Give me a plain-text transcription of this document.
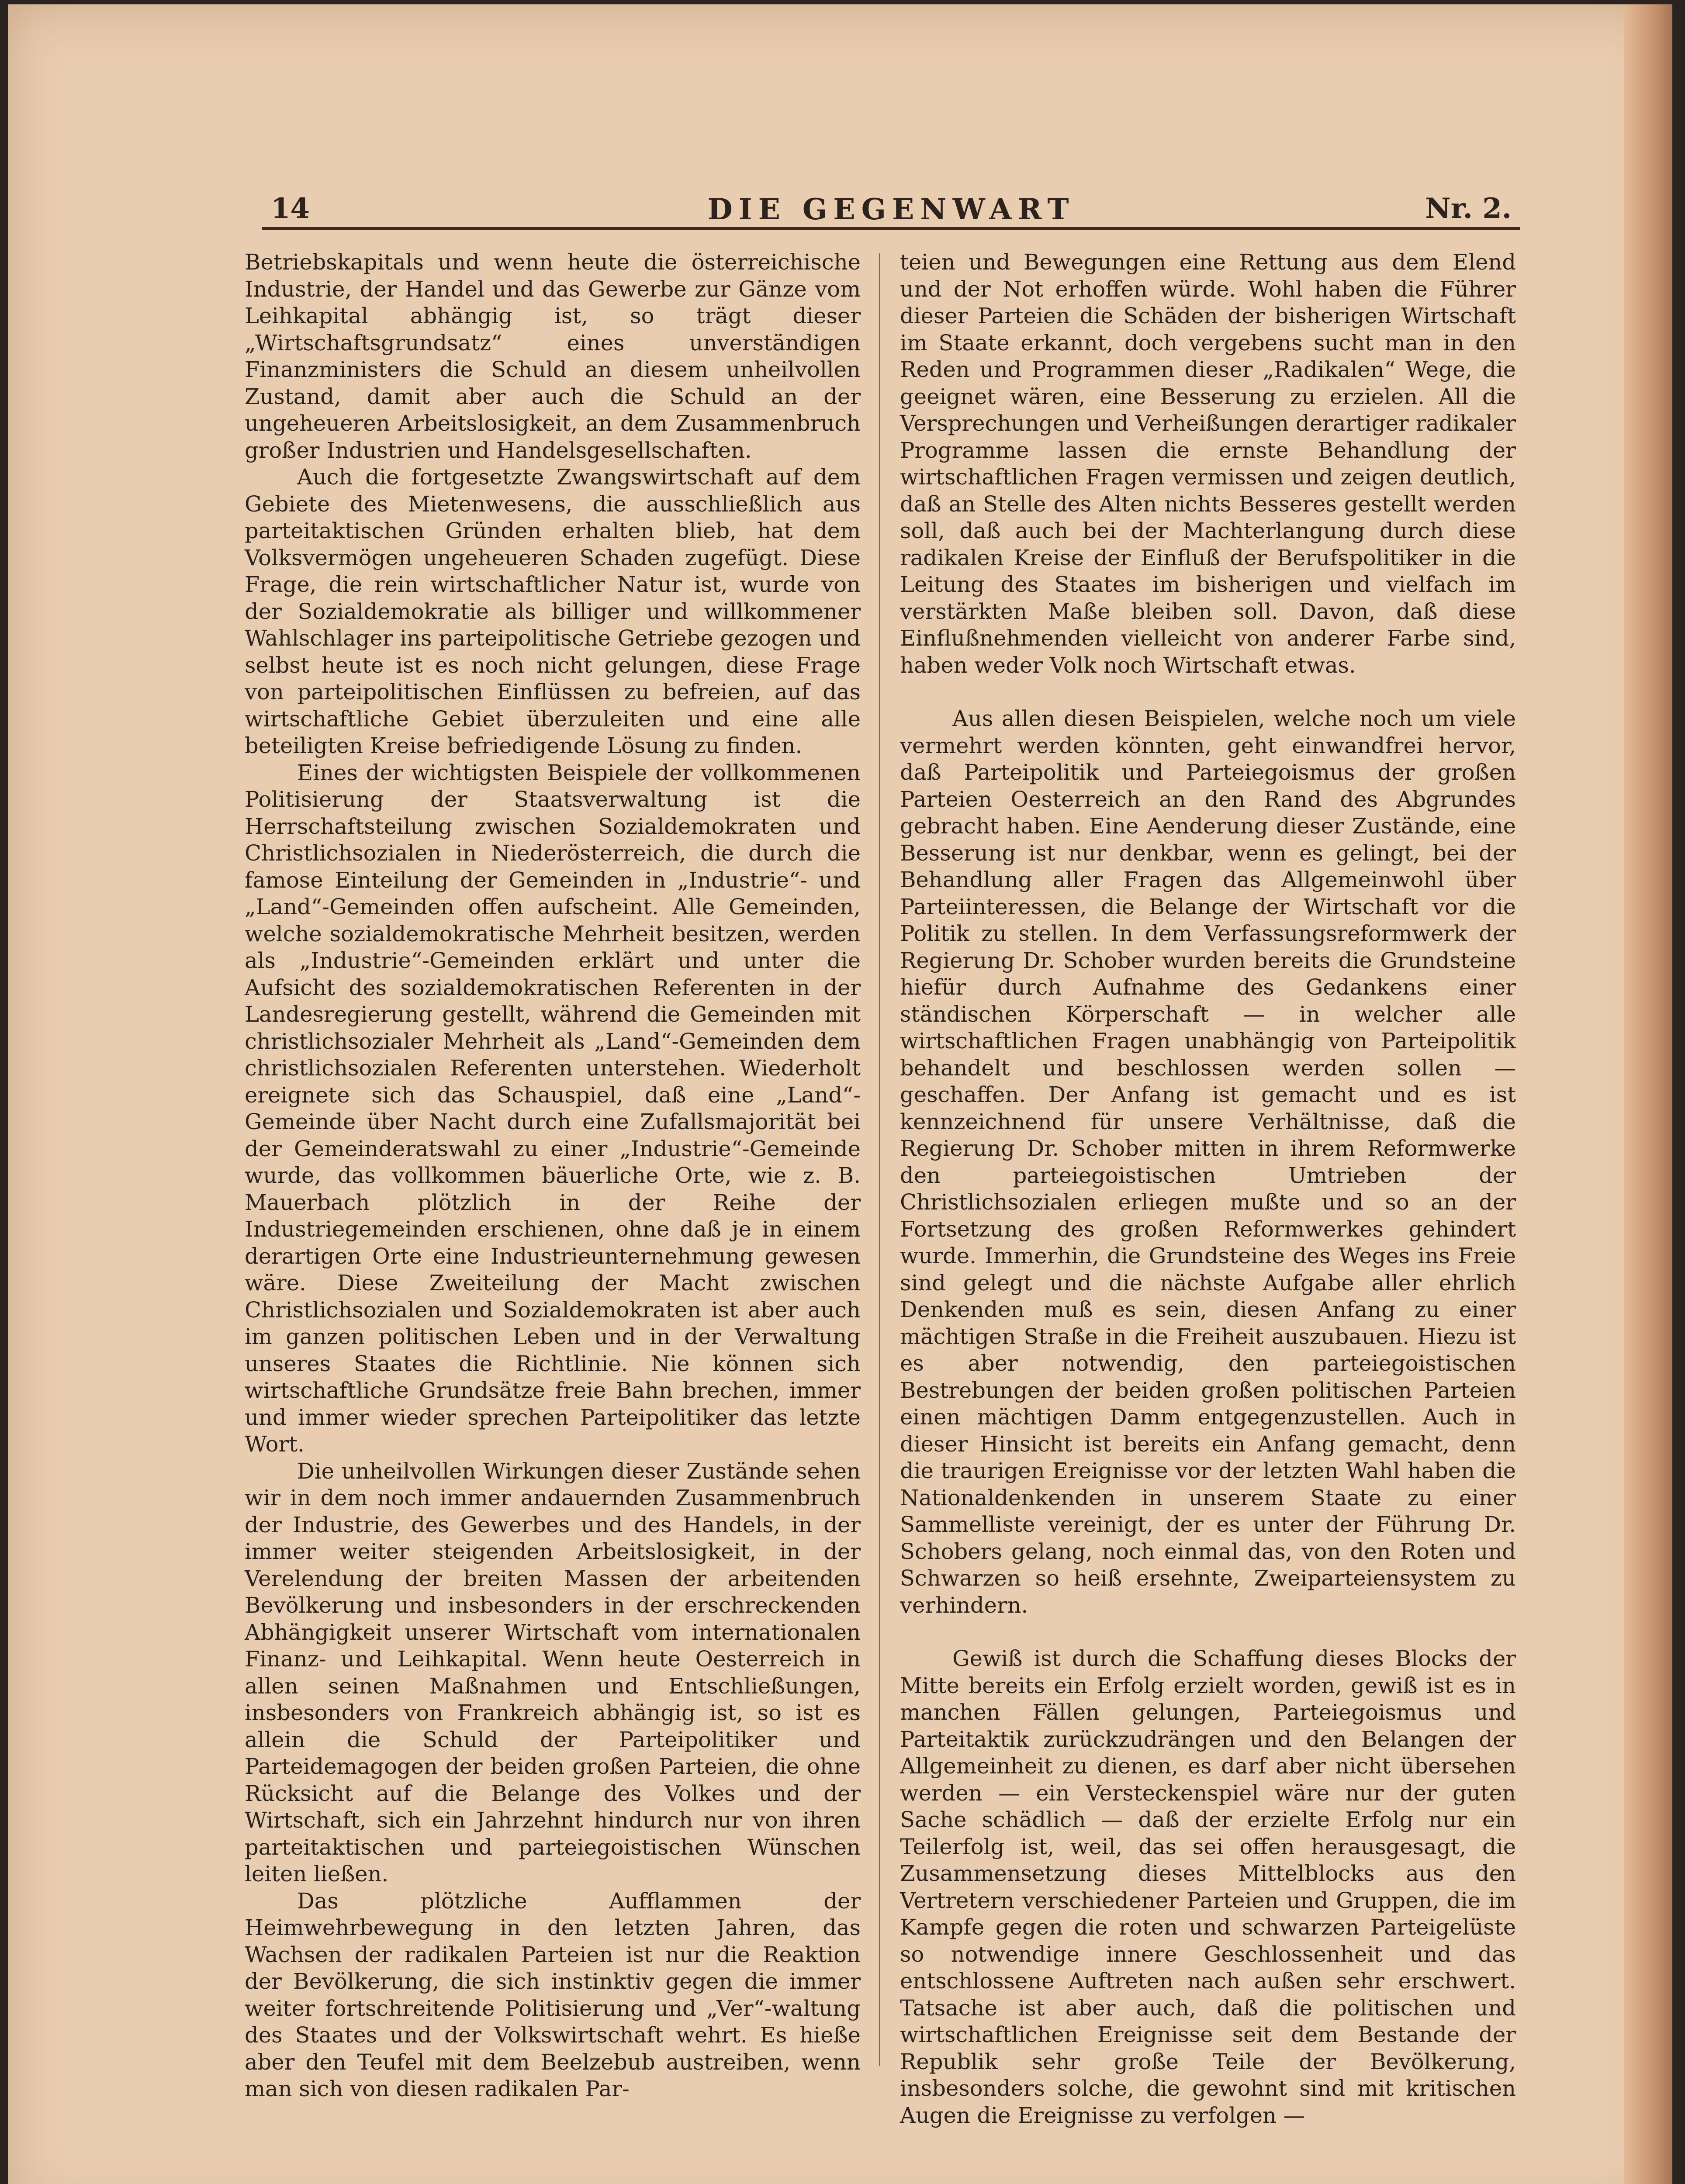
14	DIE GEGENWART	Nr. 2.

Betriebskapitals und wenn heute die österreichische Industrie, der Handel und das Gewerbe zur Gänze vom Leihkapital abhängig ist, so trägt dieser „Wirtschaftsgrundsatz“ eines unverständigen Finanzministers die Schuld an diesem unheilvollen Zustand, damit aber auch die Schuld an der ungeheueren Arbeitslosigkeit, an dem Zusammenbruch großer Industrien und Handelsgesellschaften.

Auch die fortgesetzte Zwangswirtschaft auf dem Gebiete des Mietenwesens, die ausschließlich aus parteitaktischen Gründen erhalten blieb, hat dem Volksvermögen ungeheueren Schaden zugefügt. Diese Frage, die rein wirtschaftlicher Natur ist, wurde von der Sozialdemokratie als billiger und willkommener Wahlschlager ins parteipolitische Getriebe gezogen und selbst heute ist es noch nicht gelungen, diese Frage von parteipolitischen Einflüssen zu befreien, auf das wirtschaftliche Gebiet überzuleiten und eine alle beteiligten Kreise befriedigende Lösung zu finden.

Eines der wichtigsten Beispiele der vollkommenen Politisierung der Staatsverwaltung ist die Herrschaftsteilung zwischen Sozialdemokraten und Christlichsozialen in Niederösterreich, die durch die famose Einteilung der Gemeinden in „Industrie“- und „Land“-Gemeinden offen aufscheint. Alle Gemeinden, welche sozialdemokratische Mehrheit besitzen, werden als „Industrie“-Gemeinden erklärt und unter die Aufsicht des sozialdemokratischen Referenten in der Landesregierung gestellt, während die Gemeinden mit christlichsozialer Mehrheit als „Land“-Gemeinden dem christlichsozialen Referenten unterstehen. Wiederholt ereignete sich das Schauspiel, daß eine „Land“-Gemeinde über Nacht durch eine Zufallsmajorität bei der Gemeinderatswahl zu einer „Industrie“-Gemeinde wurde, das vollkommen bäuerliche Orte, wie z. B. Mauerbach plötzlich in der Reihe der Industriegemeinden erschienen, ohne daß je in einem derartigen Orte eine Industrieunternehmung gewesen wäre. Diese Zweiteilung der Macht zwischen Christlichsozialen und Sozialdemokraten ist aber auch im ganzen politischen Leben und in der Verwaltung unseres Staates die Richtlinie. Nie können sich wirtschaftliche Grundsätze freie Bahn brechen, immer und immer wieder sprechen Parteipolitiker das letzte Wort.

Die unheilvollen Wirkungen dieser Zustände sehen wir in dem noch immer andauernden Zusammenbruch der Industrie, des Gewerbes und des Handels, in der immer weiter steigenden Arbeitslosigkeit, in der Verelendung der breiten Massen der arbeitenden Bevölkerung und insbesonders in der erschreckenden Abhängigkeit unserer Wirtschaft vom internationalen Finanz- und Leihkapital. Wenn heute Oesterreich in allen seinen Maßnahmen und Entschließungen, insbesonders von Frankreich abhängig ist, so ist es allein die Schuld der Parteipolitiker und Parteidemagogen der beiden großen Parteien, die ohne Rücksicht auf die Belange des Volkes und der Wirtschaft, sich ein Jahrzehnt hindurch nur von ihren parteitaktischen und parteiegoistischen Wünschen leiten ließen.

Das plötzliche Aufflammen der Heimwehrbewegung in den letzten Jahren, das Wachsen der radikalen Parteien ist nur die Reaktion der Bevölkerung, die sich instinktiv gegen die immer weiter fortschreitende Politisierung und „Ver“-waltung des Staates und der Volkswirtschaft wehrt. Es hieße aber den Teufel mit dem Beelzebub austreiben, wenn man sich von diesen radikalen Par-

teien und Bewegungen eine Rettung aus dem Elend und der Not erhoffen würde. Wohl haben die Führer dieser Parteien die Schäden der bisherigen Wirtschaft im Staate erkannt, doch vergebens sucht man in den Reden und Programmen dieser „Radikalen“ Wege, die geeignet wären, eine Besserung zu erzielen. All die Versprechungen und Verheißungen derartiger radikaler Programme lassen die ernste Behandlung der wirtschaftlichen Fragen vermissen und zeigen deutlich, daß an Stelle des Alten nichts Besseres gestellt werden soll, daß auch bei der Machterlangung durch diese radikalen Kreise der Einfluß der Berufspolitiker in die Leitung des Staates im bisherigen und vielfach im verstärkten Maße bleiben soll. Davon, daß diese Einflußnehmenden vielleicht von anderer Farbe sind, haben weder Volk noch Wirtschaft etwas.

Aus allen diesen Beispielen, welche noch um viele vermehrt werden könnten, geht einwandfrei hervor, daß Parteipolitik und Parteiegoismus der großen Parteien Oesterreich an den Rand des Abgrundes gebracht haben. Eine Aenderung dieser Zustände, eine Besserung ist nur denkbar, wenn es gelingt, bei der Behandlung aller Fragen das Allgemeinwohl über Parteiinteressen, die Belange der Wirtschaft vor die Politik zu stellen. In dem Verfassungsreformwerk der Regierung Dr. Schober wurden bereits die Grundsteine hiefür durch Aufnahme des Gedankens einer ständischen Körperschaft — in welcher alle wirtschaftlichen Fragen unabhängig von Parteipolitik behandelt und beschlossen werden sollen — geschaffen. Der Anfang ist gemacht und es ist kennzeichnend für unsere Verhältnisse, daß die Regierung Dr. Schober mitten in ihrem Reformwerke den parteiegoistischen Umtrieben der Christlichsozialen erliegen mußte und so an der Fortsetzung des großen Reformwerkes gehindert wurde. Immerhin, die Grundsteine des Weges ins Freie sind gelegt und die nächste Aufgabe aller ehrlich Denkenden muß es sein, diesen Anfang zu einer mächtigen Straße in die Freiheit auszubauen. Hiezu ist es aber notwendig, den parteiegoistischen Bestrebungen der beiden großen politischen Parteien einen mächtigen Damm entgegenzustellen. Auch in dieser Hinsicht ist bereits ein Anfang gemacht, denn die traurigen Ereignisse vor der letzten Wahl haben die Nationaldenkenden in unserem Staate zu einer Sammelliste vereinigt, der es unter der Führung Dr. Schobers gelang, noch einmal das, von den Roten und Schwarzen so heiß ersehnte, Zweiparteiensystem zu verhindern.

Gewiß ist durch die Schaffung dieses Blocks der Mitte bereits ein Erfolg erzielt worden, gewiß ist es in manchen Fällen gelungen, Parteiegoismus und Parteitaktik zurückzudrängen und den Belangen der Allgemeinheit zu dienen, es darf aber nicht übersehen werden — ein Versteckenspiel wäre nur der guten Sache schädlich — daß der erzielte Erfolg nur ein Teilerfolg ist, weil, das sei offen herausgesagt, die Zusammensetzung dieses Mittelblocks aus den Vertretern verschiedener Parteien und Gruppen, die im Kampfe gegen die roten und schwarzen Parteigelüste so notwendige innere Geschlossenheit und das entschlossene Auftreten nach außen sehr erschwert. Tatsache ist aber auch, daß die politischen und wirtschaftlichen Ereignisse seit dem Bestande der Republik sehr große Teile der Bevölkerung, insbesonders solche, die gewohnt sind mit kritischen Augen die Ereignisse zu verfolgen —
